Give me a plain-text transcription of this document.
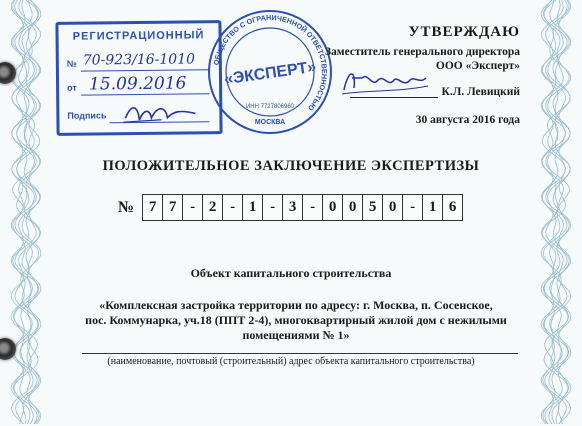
РЕГИСТРАЦИОННЫЙ
№ 70-923/16-1010
от 15.09.2016
Подпись
ОБЩЕСТВО С ОГРАНИЧЕННОЙ ОТВЕТСТВЕННОСТЬЮ
«ЭКСПЕРТ»
МОСКВА
ИНН 7727806960
УТВЕРЖДАЮ
Заместитель генерального директора
ООО «Эксперт»
К.Л. Левицкий
30 августа 2016 года
ПОЛОЖИТЕЛЬНОЕ ЗАКЛЮЧЕНИЕ ЭКСПЕРТИЗЫ
№ 7 7 - 2 - 1 - 3 - 0 0 5 0 - 1 6
Объект капитального строительства
«Комплексная застройка территории по адресу: г. Москва, п. Сосенское,
пос. Коммунарка, уч.18 (ППТ 2-4), многоквартирный жилой дом с нежилыми
помещениями № 1»
(наименование, почтовый (строительный) адрес объекта капитального строительства)
